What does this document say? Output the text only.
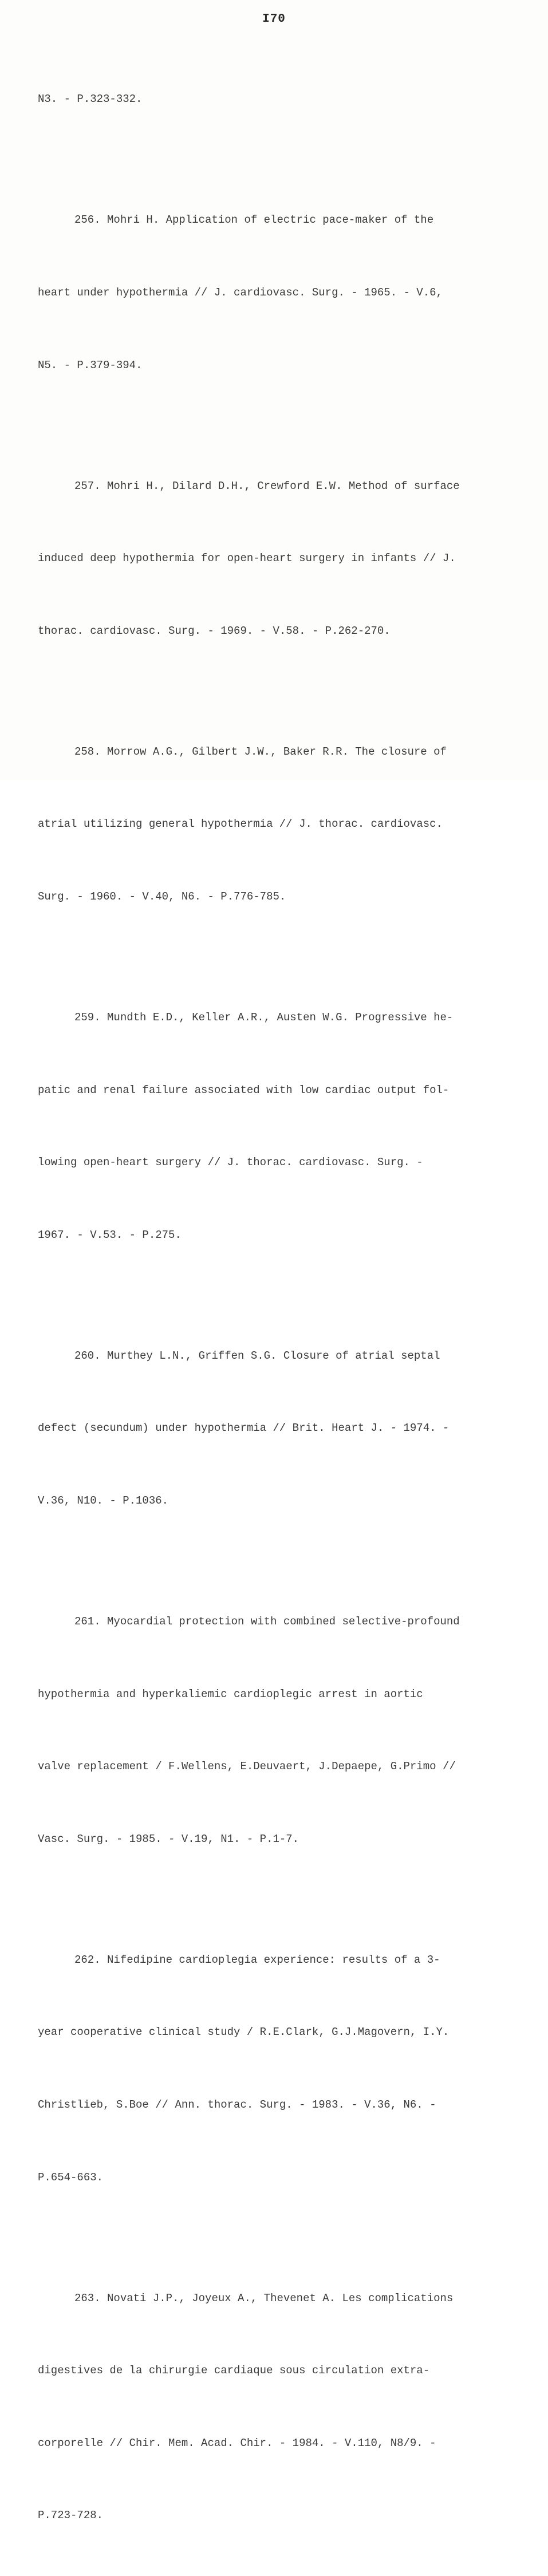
I70

N3. - P.323-332.

256. Mohri H. Application of electric pace-maker of the

heart under hypothermia // J. cardiovasc. Surg. - 1965. - V.6,

N5. - P.379-394.

257. Mohri H., Dilard D.H., Crewford E.W. Method of surface

induced deep hypothermia for open-heart surgery in infants // J.

thorac. cardiovasc. Surg. - 1969. - V.58. - P.262-270.

258. Morrow A.G., Gilbert J.W., Baker R.R. The closure of

atrial utilizing general hypothermia // J. thorac. cardiovasc.

Surg. - 1960. - V.40, N6. - P.776-785.

259. Mundth E.D., Keller A.R., Austen W.G. Progressive he-

patic and renal failure associated with low cardiac output fol-

lowing open-heart surgery // J. thorac. cardiovasc. Surg. -

1967. - V.53. - P.275.

260. Murthey L.N., Griffen S.G. Closure of atrial septal

defect (secundum) under hypothermia // Brit. Heart J. - 1974. -

V.36, N10. - P.1036.

261. Myocardial protection with combined selective-profound

hypothermia and hyperkaliemic cardioplegic arrest in aortic

valve replacement / F.Wellens, E.Deuvaert, J.Depaepe, G.Primo //

Vasc. Surg. - 1985. - V.19, N1. - P.1-7.

262. Nifedipine cardioplegia experience: results of a 3-

year cooperative clinical study / R.E.Clark, G.J.Magovern, I.Y.

Christlieb, S.Boe // Ann. thorac. Surg. - 1983. - V.36, N6. -

P.654-663.

263. Novati J.P., Joyeux A., Thevenet A. Les complications

digestives de la chirurgie cardiaque sous circulation extra-

corporelle // Chir. Mem. Acad. Chir. - 1984. - V.110, N8/9. -

P.723-728.
